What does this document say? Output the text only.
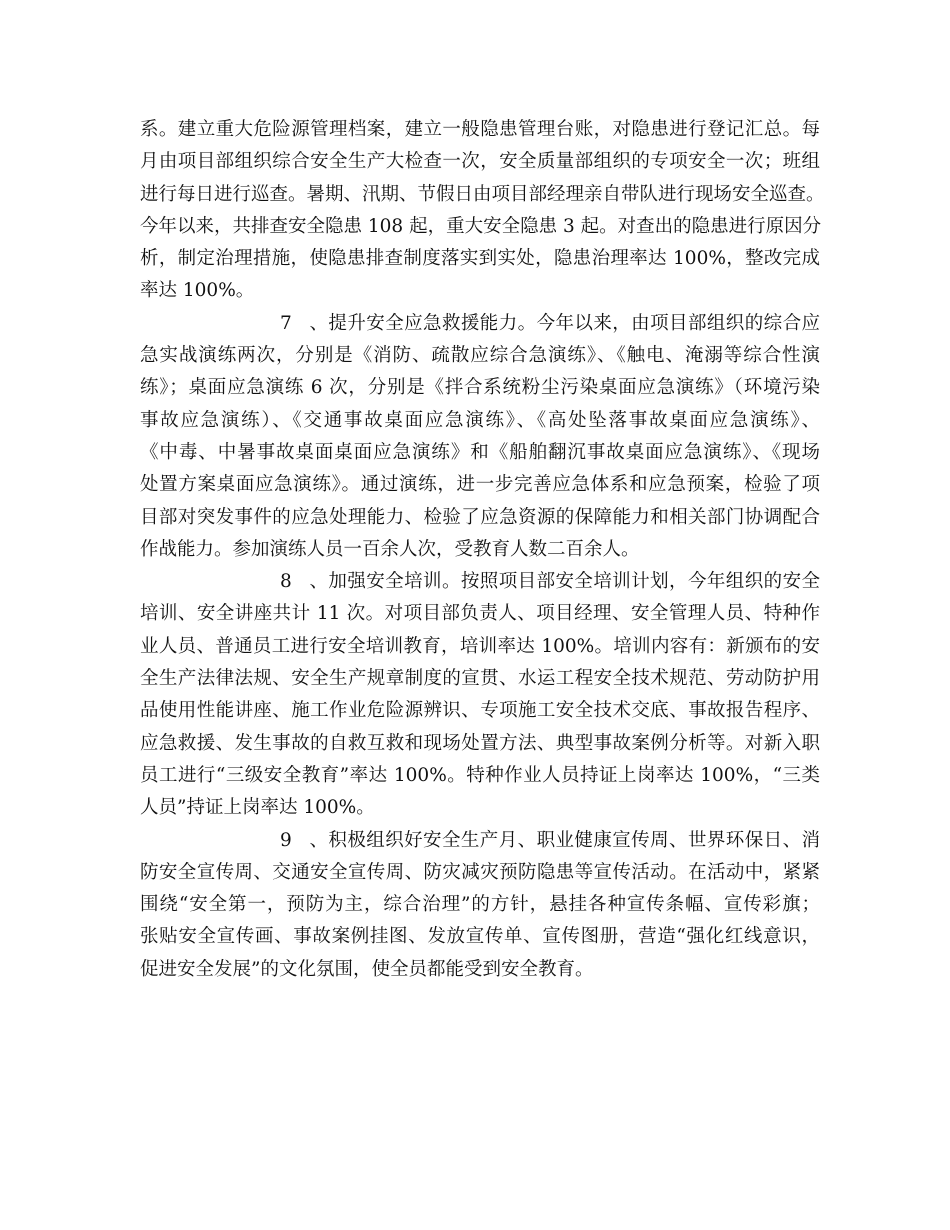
系。建立重大危险源管理档案，建立一般隐患管理台账，对隐患进行登记汇总。每
月由项目部组织综合安全生产大检查一次，安全质量部组织的专项安全一次；班组
进行每日进行巡查。暑期、汛期、节假日由项目部经理亲自带队进行现场安全巡查。
今年以来，共排查安全隐患 108 起，重大安全隐患 3 起。对查出的隐患进行原因分
析，制定治理措施，使隐患排查制度落实到实处，隐患治理率达 100%，整改完成
率达 100%。
7、提升安全应急救援能力。今年以来，由项目部组织的综合应
急实战演练两次，分别是《消防、疏散应综合急演练》、《触电、淹溺等综合性演
练》；桌面应急演练 6 次，分别是《拌合系统粉尘污染桌面应急演练》（环境污染
事故应急演练）、《交通事故桌面应急演练》、《高处坠落事故桌面应急演练》、
《中毒、中暑事故桌面桌面应急演练》和《船舶翻沉事故桌面应急演练》、《现场
处置方案桌面应急演练》。通过演练，进一步完善应急体系和应急预案，检验了项
目部对突发事件的应急处理能力、检验了应急资源的保障能力和相关部门协调配合
作战能力。参加演练人员一百余人次，受教育人数二百余人。
8、加强安全培训。按照项目部安全培训计划，今年组织的安全
培训、安全讲座共计 11 次。对项目部负责人、项目经理、安全管理人员、特种作
业人员、普通员工进行安全培训教育，培训率达 100%。培训内容有：新颁布的安
全生产法律法规、安全生产规章制度的宣贯、水运工程安全技术规范、劳动防护用
品使用性能讲座、施工作业危险源辨识、专项施工安全技术交底、事故报告程序、
应急救援、发生事故的自救互救和现场处置方法、典型事故案例分析等。对新入职
员工进行“三级安全教育”率达 100%。特种作业人员持证上岗率达 100%，“三类
人员”持证上岗率达 100%。
9、积极组织好安全生产月、职业健康宣传周、世界环保日、消
防安全宣传周、交通安全宣传周、防灾减灾预防隐患等宣传活动。在活动中，紧紧
围绕“安全第一，预防为主，综合治理”的方针，悬挂各种宣传条幅、宣传彩旗；
张贴安全宣传画、事故案例挂图、发放宣传单、宣传图册，营造“强化红线意识，
促进安全发展”的文化氛围，使全员都能受到安全教育。
